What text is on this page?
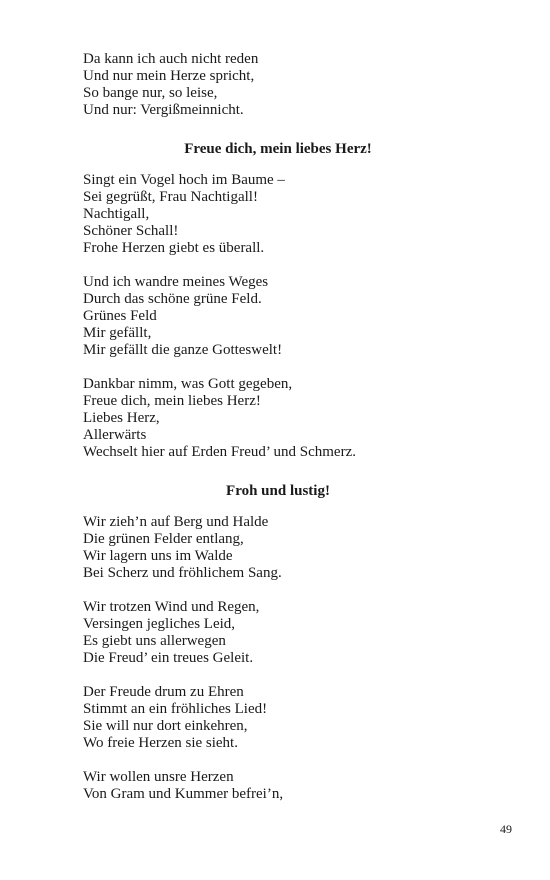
Da kann ich auch nicht reden
Und nur mein Herze spricht,
So bange nur, so leise,
Und nur: Vergißmeinnicht.

Freue dich, mein liebes Herz!

Singt ein Vogel hoch im Baume –
Sei gegrüßt, Frau Nachtigall!
Nachtigall,
Schöner Schall!
Frohe Herzen giebt es überall.

Und ich wandre meines Weges
Durch das schöne grüne Feld.
Grünes Feld
Mir gefällt,
Mir gefällt die ganze Gotteswelt!

Dankbar nimm, was Gott gegeben,
Freue dich, mein liebes Herz!
Liebes Herz,
Allerwärts
Wechselt hier auf Erden Freud’ und Schmerz.

Froh und lustig!

Wir zieh’n auf Berg und Halde
Die grünen Felder entlang,
Wir lagern uns im Walde
Bei Scherz und fröhlichem Sang.

Wir trotzen Wind und Regen,
Versingen jegliches Leid,
Es giebt uns allerwegen
Die Freud’ ein treues Geleit.

Der Freude drum zu Ehren
Stimmt an ein fröhliches Lied!
Sie will nur dort einkehren,
Wo freie Herzen sie sieht.

Wir wollen unsre Herzen
Von Gram und Kummer befrei’n,

49
